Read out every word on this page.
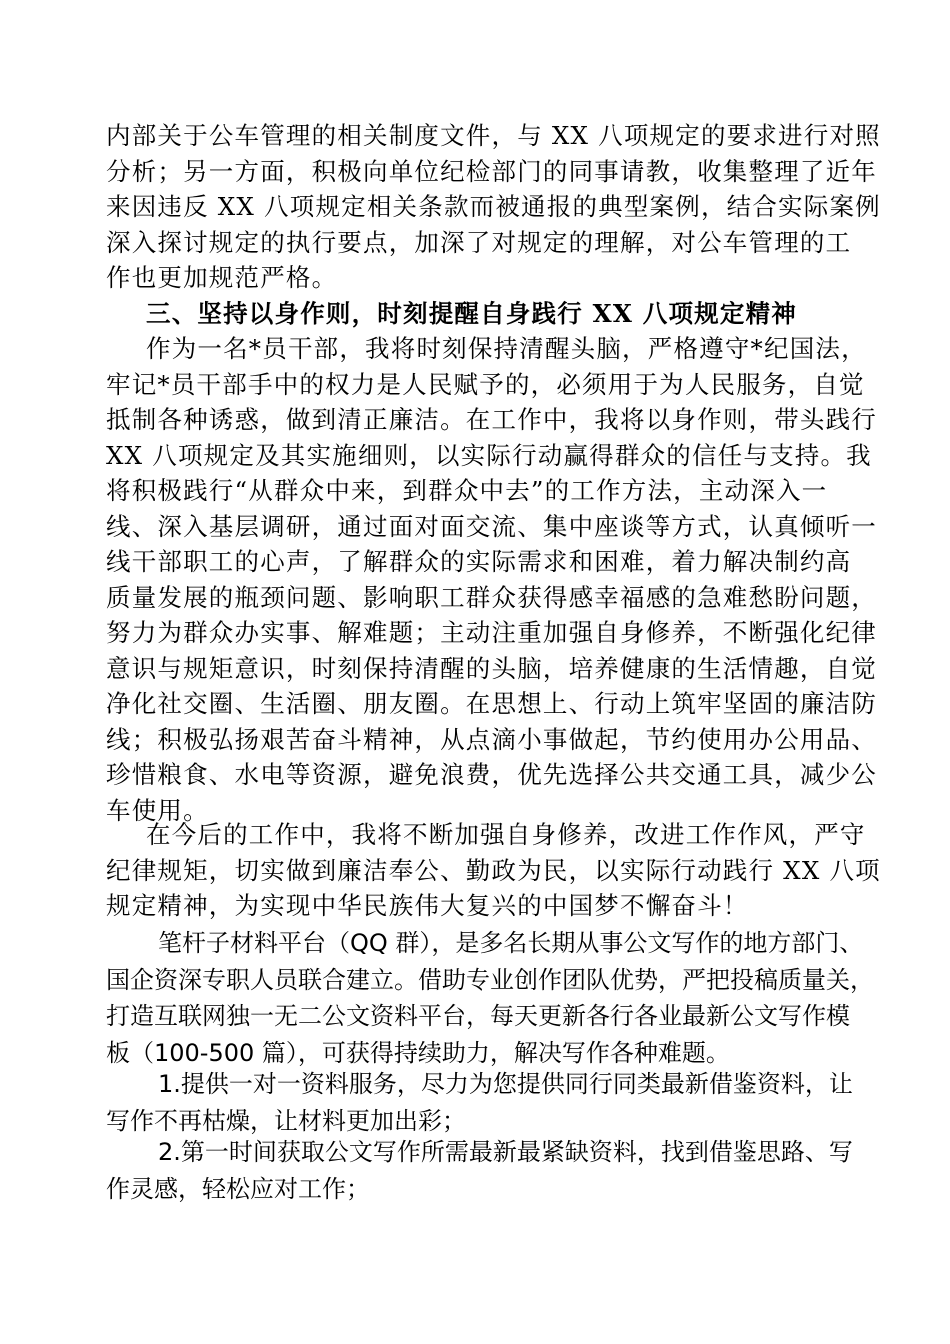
内部关于公车管理的相关制度文件，与 XX 八项规定的要求进行对照
分析；另一方面，积极向单位纪检部门的同事请教，收集整理了近年
来因违反 XX 八项规定相关条款而被通报的典型案例，结合实际案例
深入探讨规定的执行要点，加深了对规定的理解，对公车管理的工
作也更加规范严格。
三、坚持以身作则，时刻提醒自身践行 XX 八项规定精神
作为一名*员干部，我将时刻保持清醒头脑，严格遵守*纪国法，
牢记*员干部手中的权力是人民赋予的，必须用于为人民服务，自觉
抵制各种诱惑，做到清正廉洁。在工作中，我将以身作则，带头践行
XX 八项规定及其实施细则，以实际行动赢得群众的信任与支持。我
将积极践行“从群众中来，到群众中去”的工作方法，主动深入一
线、深入基层调研，通过面对面交流、集中座谈等方式，认真倾听一
线干部职工的心声，了解群众的实际需求和困难，着力解决制约高
质量发展的瓶颈问题、影响职工群众获得感幸福感的急难愁盼问题，
努力为群众办实事、解难题；主动注重加强自身修养，不断强化纪律
意识与规矩意识，时刻保持清醒的头脑，培养健康的生活情趣，自觉
净化社交圈、生活圈、朋友圈。在思想上、行动上筑牢坚固的廉洁防
线；积极弘扬艰苦奋斗精神，从点滴小事做起，节约使用办公用品、
珍惜粮食、水电等资源，避免浪费，优先选择公共交通工具，减少公
车使用。
在今后的工作中，我将不断加强自身修养，改进工作作风，严守
纪律规矩，切实做到廉洁奉公、勤政为民，以实际行动践行 XX 八项
规定精神，为实现中华民族伟大复兴的中国梦不懈奋斗！
笔杆子材料平台（QQ 群），是多名长期从事公文写作的地方部门、
国企资深专职人员联合建立。借助专业创作团队优势，严把投稿质量关，
打造互联网独一无二公文资料平台，每天更新各行各业最新公文写作模
板（100-500 篇），可获得持续助力，解决写作各种难题。
1.提供一对一资料服务，尽力为您提供同行同类最新借鉴资料，让
写作不再枯燥，让材料更加出彩；
2.第一时间获取公文写作所需最新最紧缺资料，找到借鉴思路、写
作灵感，轻松应对工作；
